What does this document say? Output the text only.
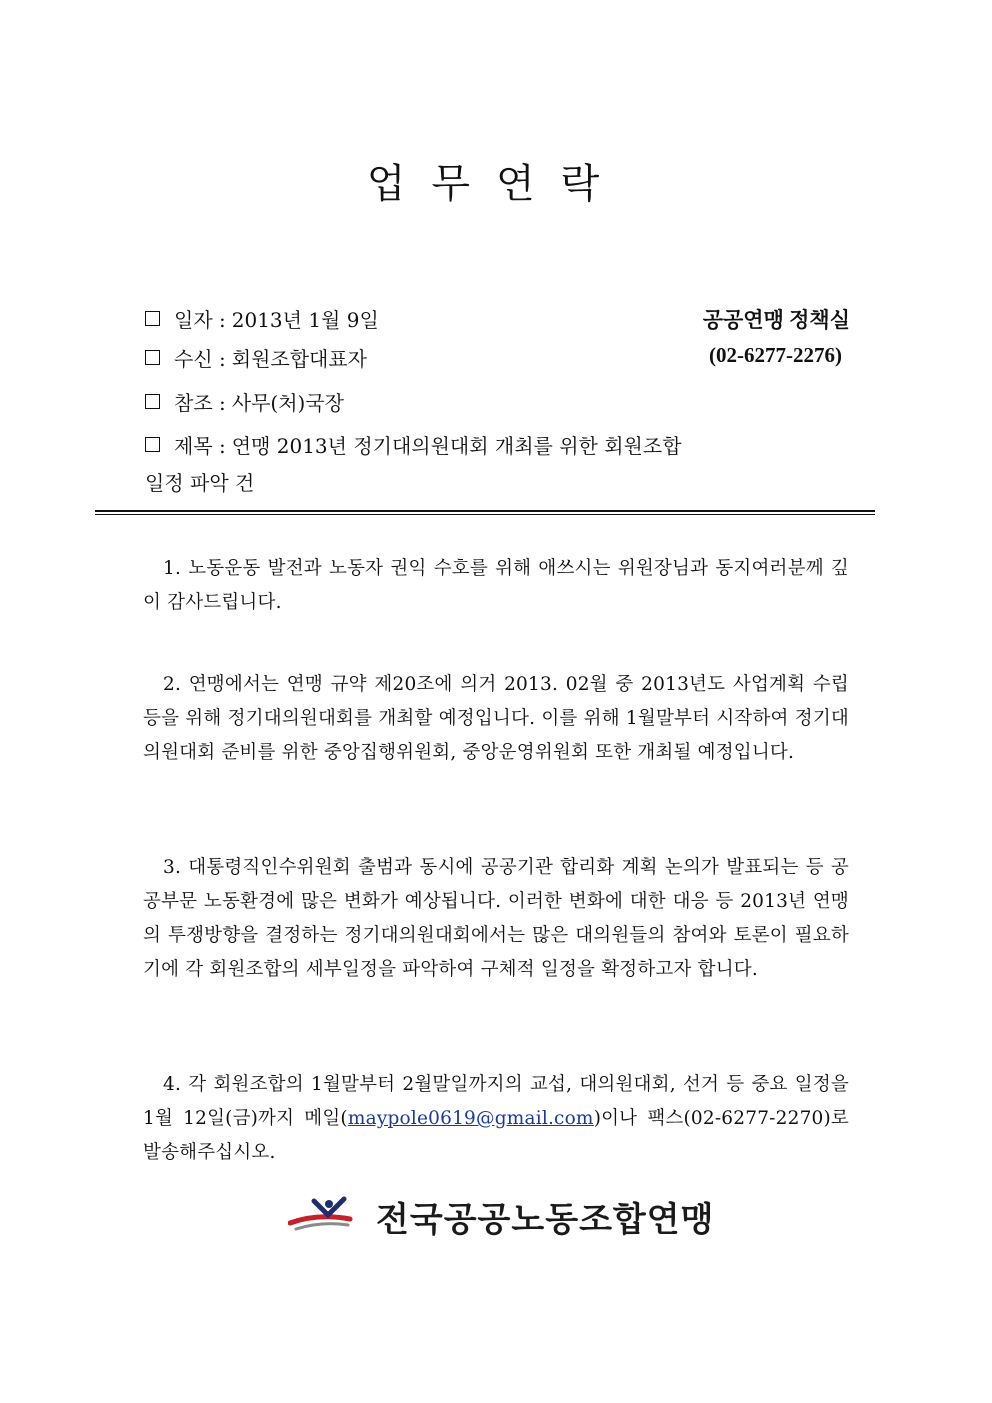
업무연락
일자 : 2013년 1월 9일	공공연맹 정책실
수신 : 회원조합대표자	(02-6277-2276)
참조 : 사무(처)국장
제목 : 연맹 2013년 정기대의원대회 개최를 위한 회원조합
일정 파악 건

1. 노동운동 발전과 노동자 권익 수호를 위해 애쓰시는 위원장님과 동지여러분께 깊이 감사드립니다.

2. 연맹에서는 연맹 규약 제20조에 의거 2013. 02월 중 2013년도 사업계획 수립 등을 위해 정기대의원대회를 개최할 예정입니다. 이를 위해 1월말부터 시작하여 정기대의원대회 준비를 위한 중앙집행위원회, 중앙운영위원회 또한 개최될 예정입니다.

3. 대통령직인수위원회 출범과 동시에 공공기관 합리화 계획 논의가 발표되는 등 공공부문 노동환경에 많은 변화가 예상됩니다. 이러한 변화에 대한 대응 등 2013년 연맹의 투쟁방향을 결정하는 정기대의원대회에서는 많은 대의원들의 참여와 토론이 필요하기에 각 회원조합의 세부일정을 파악하여 구체적 일정을 확정하고자 합니다.

4. 각 회원조합의 1월말부터 2월말일까지의 교섭, 대의원대회, 선거 등 중요 일정을 1월 12일(금)까지 메일(maypole0619@gmail.com)이나 팩스(02-6277-2270)로 발송해주십시오.

전국공공노동조합연맹
